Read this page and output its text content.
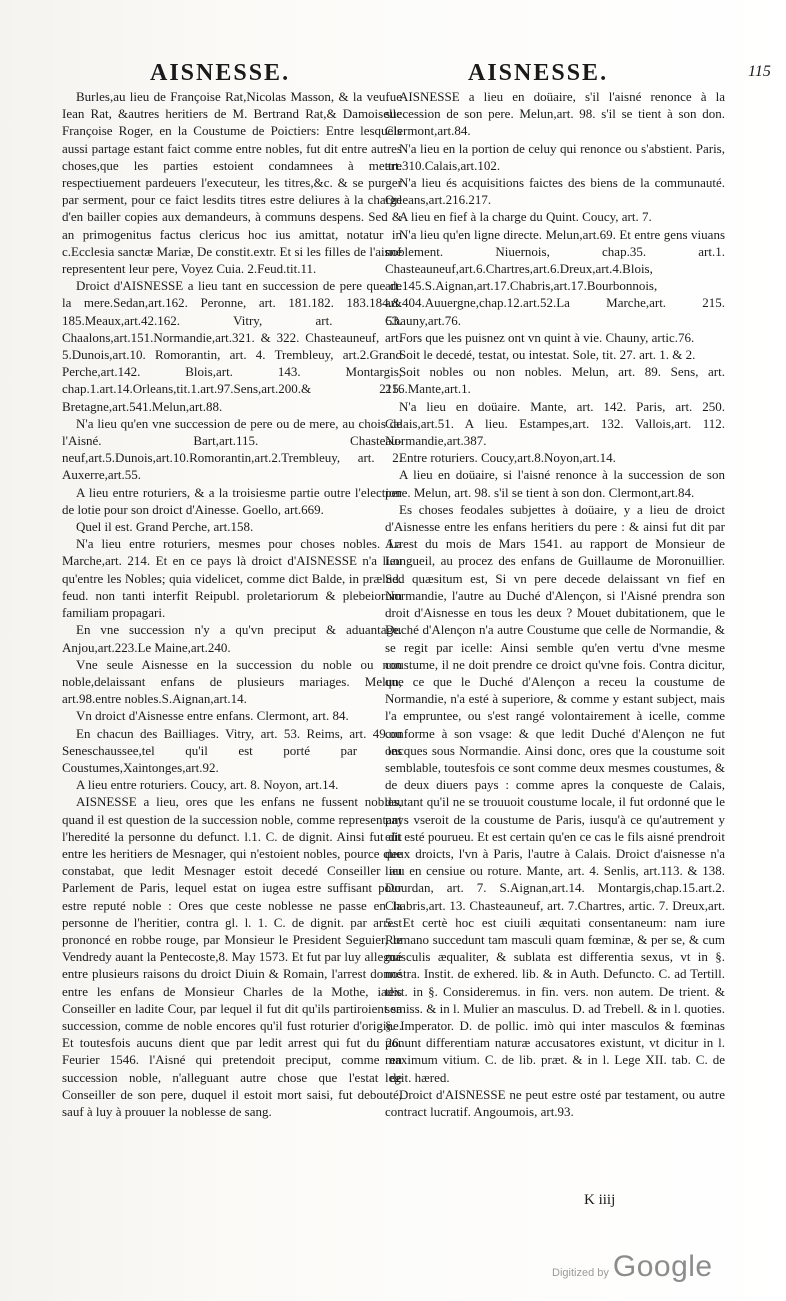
AISNESSE.	AISNESSE.	115

Burles,au lieu de Françoise Rat,Nicolas Masson, & la veufue Iean Rat, &autres heritiers de M. Bertrand Rat,& Damoiselle Françoise Roger, en la Coustume de Poictiers: Entre lesquels aussi partage estant faict comme entre nobles, fut dit entre autres choses,que les parties estoient condamnees à mettre respectiuement pardeuers l'executeur, les titres,&c. & se purger par serment, pour ce faict lesdits titres estre deliures à la charge d'en bailler copies aux demandeurs, à communs despens. Sed & an primogenitus factus clericus hoc ius amittat, notatur in c.Ecclesia sanctæ Mariæ, De constit.extr. Et si les filles de l'aisné representent leur pere, Voyez Cuia. 2.Feud.tit.11.

Droict d'AISNESSE a lieu tant en succession de pere que de la mere.Sedan,art.162. Peronne, art. 181.182. 183.184.& 185.Meaux,art.42.162. Vitry, art. 53. Chaalons,art.151.Normandie,art.321. & 322. Chasteauneuf, art. 5.Dunois,art.10. Romorantin, art. 4. Trembleuy, art.2.Grand Perche,art.142. Blois,art. 143. Montargis, chap.1.art.14.Orleans,tit.1.art.97.Sens,art.200.& 215. Bretagne,art.541.Melun,art.88.

N'a lieu qu'en vne succession de pere ou de mere, au chois de l'Aisné. Bart,art.115. Chasteau-neuf,art.5.Dunois,art.10.Romorantin,art.2.Trembleuy, art. 2. Auxerre,art.55.

A lieu entre roturiers, & a la troisiesme partie outre l'election de lotie pour son droict d'Ainesse. Goello, art.669.

Quel il est. Grand Perche, art.158.

N'a lieu entre roturiers, mesmes pour choses nobles. La Marche,art. 214. Et en ce pays là droict d'AISNESSE n'a lieu qu'entre les Nobles; quia videlicet, comme dict Balde, in prælud. feud. non tanti interfit Reipubl. proletariorum & plebeiorum familiam propagari.

En vne succession n'y a qu'vn preciput & aduantage. Anjou,art.223.Le Maine,art.240.

Vne seule Aisnesse en la succession du noble ou non noble,delaissant enfans de plusieurs mariages. Melun, art.98.entre nobles.S.Aignan,art.14.

Vn droict d'Aisnesse entre enfans. Clermont, art. 84.

En chacun des Bailliages. Vitry, art. 53. Reims, art. 49.ou Seneschaussee,tel qu'il est porté par les Coustumes,Xaintonges,art.92.

A lieu entre roturiers. Coucy, art. 8. Noyon, art.14.

AISNESSE a lieu, ores que les enfans ne fussent nobles, quand il est question de la succession noble, comme representant l'heredité la personne du defunct. l.1. C. de dignit. Ainsi fut dit entre les heritiers de Mesnager, qui n'estoient nobles, pource que constabat, que ledit Mesnager estoit decedé Conseiller au Parlement de Paris, lequel estat on iugea estre suffisant pour estre reputé noble : Ores que ceste noblesse ne passe en la personne de l'heritier, contra gl. l. 1. C. de dignit. par arrest prononcé en robbe rouge, par Monsieur le President Seguier, le Vendredy auant la Pentecoste,8. May 1573. Et fut par luy allegué entre plusieurs raisons du droict Diuin & Romain, l'arrest donné entre les enfans de Monsieur Charles de la Mothe, iadis Conseiller en ladite Cour, par lequel il fut dit qu'ils partiroient sa succession, comme de noble encores qu'il fust roturier d'origine. Et toutesfois aucuns dient que par ledit arrest qui fut du 26. Feurier 1546. l'Aisné qui pretendoit preciput, comme en succession noble, n'alleguant autre chose que l'estat de Conseiller de son pere, duquel il estoit mort saisi, fut debouté, sauf à luy à prouuer la noblesse de sang.

AISNESSE a lieu en doüaire, s'il l'aisné renonce à la succession de son pere. Melun,art. 98. s'il se tient à son don. Clermont,art.84.

N'a lieu en la portion de celuy qui renonce ou s'abstient. Paris, art.310.Calais,art.102.

N'a lieu és acquisitions faictes des biens de la communauté. Orleans,art.216.217.

A lieu en fief à la charge du Quint. Coucy, art. 7.

N'a lieu qu'en ligne directe. Melun,art.69. Et entre gens viuans noblement. Niuernois, chap.35. art.1. Chasteauneuf,art.6.Chartres,art.6.Dreux,art.4.Blois, art.145.S.Aignan,art.17.Chabris,art.17.Bourbonnois, art.404.Auuergne,chap.12.art.52.La Marche,art. 215. Chauny,art.76.

Fors que les puisnez ont vn quint à vie. Chauny, artic.76.

Soit le decedé, testat, ou intestat. Sole, tit. 27. art. 1. & 2.

Soit nobles ou non nobles. Melun, art. 89. Sens, art. 216.Mante,art.1.

N'a lieu en doüaire. Mante, art. 142. Paris, art. 250. Calais,art.51. A lieu. Estampes,art. 132. Vallois,art. 112. Normandie,art.387.

Entre roturiers. Coucy,art.8.Noyon,art.14.

A lieu en doüaire, si l'aisné renonce à la succession de son pere. Melun, art. 98. s'il se tient à son don. Clermont,art.84.

Es choses feodales subjettes à doüaire, y a lieu de droict d'Aisnesse entre les enfans heritiers du pere : & ainsi fut dit par Arrest du mois de Mars 1541. au rapport de Monsieur de Longueil, au procez des enfans de Guillaume de Moronuillier. Sed quæsitum est, Si vn pere decede delaissant vn fief en Normandie, l'autre au Duché d'Alençon, si l'Aisné prendra son droit d'Aisnesse en tous les deux ? Mouet dubitationem, que le Duché d'Alençon n'a autre Coustume que celle de Normandie, & se regit par icelle: Ainsi semble qu'en vertu d'vne mesme coustume, il ne doit prendre ce droict qu'vne fois. Contra dicitur, que ce que le Duché d'Alençon a receu la coustume de Normandie, n'a esté à superiore, & comme y estant subject, mais l'a empruntee, ou s'est rangé volontairement à icelle, comme conforme à son vsage: & que ledit Duché d'Alençon ne fut oncques sous Normandie. Ainsi donc, ores que la coustume soit semblable, toutesfois ce sont comme deux mesmes coustumes, & de deux diuers pays : comme apres la conqueste de Calais, dautant qu'il ne se trouuoit coustume locale, il fut ordonné que le pays vseroit de la coustume de Paris, iusqu'à ce qu'autrement y eût esté pourueu. Et est certain qu'en ce cas le fils aisné prendroit deux droicts, l'vn à Paris, l'autre à Calais. Droict d'aisnesse n'a lieu en censiue ou roture. Mante, art. 4. Senlis, art.113. & 138. Dourdan, art. 7. S.Aignan,art.14. Montargis,chap.15.art.2. Chabris,art. 13. Chasteauneuf, art. 7.Chartres, artic. 7. Dreux,art. 5. Et certè hoc est ciuili æquitati consentaneum: nam iure Romano succedunt tam masculi quam fœminæ, & per se, & cum masculis æqualiter, & sublata est differentia sexus, vt in §. nostra. Instit. de exhered. lib. & in Auth. Defuncto. C. ad Tertill. text. in §. Consideremus. in fin. vers. non autem. De trient. & semiss. & in l. Mulier an masculus. D. ad Trebell. & in l. quoties. §. Imperator. D. de pollic. imò qui inter masculos & fœminas ponunt differentiam naturæ accusatores existunt, vt dicitur in l. maximum vitium. C. de lib. præt. & in l. Lege XII. tab. C. de legit. hæred.

Droict d'AISNESSE ne peut estre osté par testament, ou autre contract lucratif. Angoumois, art.93.

K iiij
Digitized by Google
